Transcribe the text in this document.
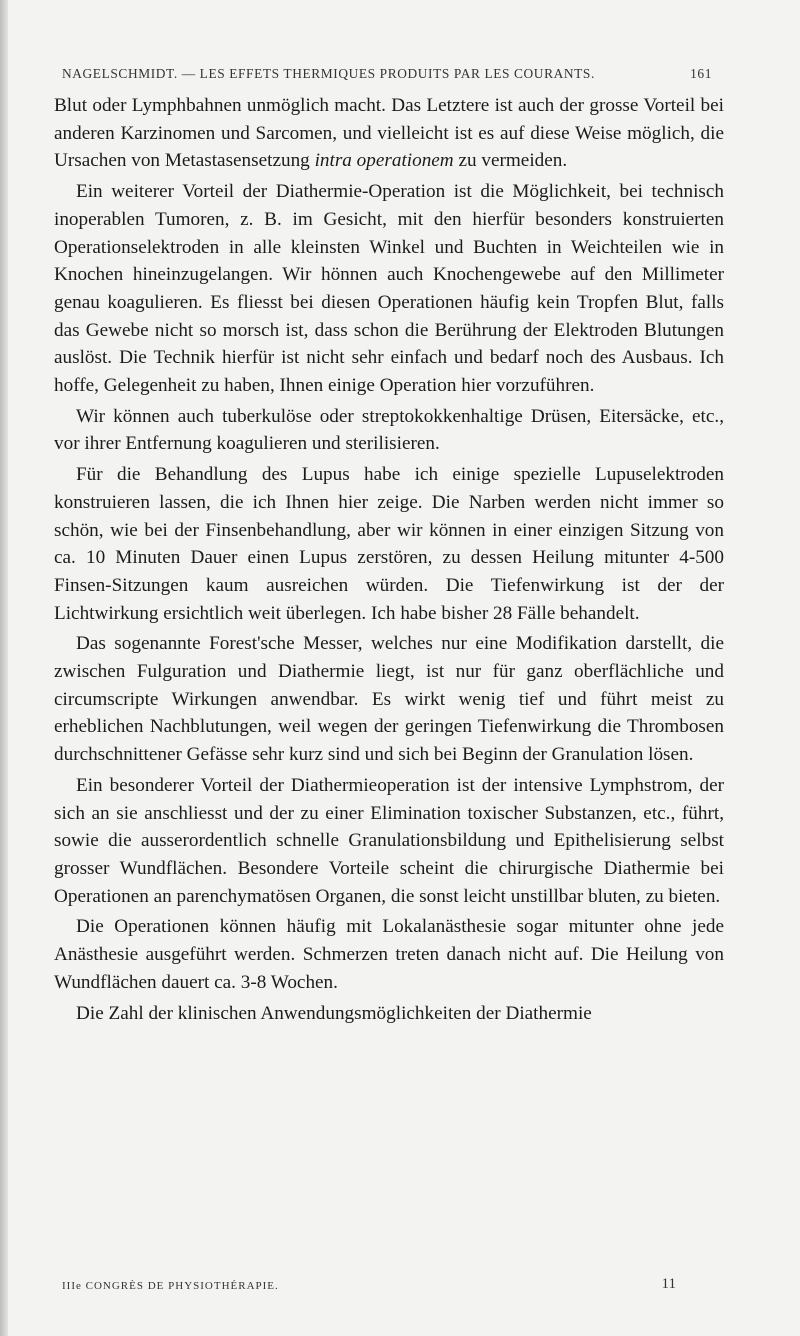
NAGELSCHMIDT. — LES EFFETS THERMIQUES PRODUITS PAR LES COURANTS.	161

Blut oder Lymphbahnen unmöglich macht. Das Letztere ist auch der grosse Vorteil bei anderen Karzinomen und Sarcomen, und vielleicht ist es auf diese Weise möglich, die Ursachen von Metastasensetzung intra operationem zu vermeiden.

Ein weiterer Vorteil der Diathermie-Operation ist die Möglichkeit, bei technisch inoperablen Tumoren, z. B. im Gesicht, mit den hierfür besonders konstruierten Operationselektroden in alle kleinsten Winkel und Buchten in Weichteilen wie in Knochen hineinzugelangen. Wir hönnen auch Knochengewebe auf den Millimeter genau koagulieren. Es fliesst bei diesen Operationen häufig kein Tropfen Blut, falls das Gewebe nicht so morsch ist, dass schon die Berührung der Elektroden Blutungen auslöst. Die Technik hierfür ist nicht sehr einfach und bedarf noch des Ausbaus. Ich hoffe, Gelegenheit zu haben, Ihnen einige Operation hier vorzuführen.

Wir können auch tuberkulöse oder streptokokkenhaltige Drüsen, Eitersäcke, etc., vor ihrer Entfernung koagulieren und sterilisieren.

Für die Behandlung des Lupus habe ich einige spezielle Lupuselektroden konstruieren lassen, die ich Ihnen hier zeige. Die Narben werden nicht immer so schön, wie bei der Finsenbehandlung, aber wir können in einer einzigen Sitzung von ca. 10 Minuten Dauer einen Lupus zerstören, zu dessen Heilung mitunter 4-500 Finsen-Sitzungen kaum ausreichen würden. Die Tiefenwirkung ist der der Lichtwirkung ersichtlich weit überlegen. Ich habe bisher 28 Fälle behandelt.

Das sogenannte Forest'sche Messer, welches nur eine Modifikation darstellt, die zwischen Fulguration und Diathermie liegt, ist nur für ganz oberflächliche und circumscripte Wirkungen anwendbar. Es wirkt wenig tief und führt meist zu erheblichen Nachblutungen, weil wegen der geringen Tiefenwirkung die Thrombosen durchschnittener Gefässe sehr kurz sind und sich bei Beginn der Granulation lösen.

Ein besonderer Vorteil der Diathermieoperation ist der intensive Lymphstrom, der sich an sie anschliesst und der zu einer Elimination toxischer Substanzen, etc., führt, sowie die ausserordentlich schnelle Granulationsbildung und Epithelisierung selbst grosser Wundflächen. Besondere Vorteile scheint die chirurgische Diathermie bei Operationen an parenchymatösen Organen, die sonst leicht unstillbar bluten, zu bieten.

Die Operationen können häufig mit Lokalanästhesie sogar mitunter ohne jede Anästhesie ausgeführt werden. Schmerzen treten danach nicht auf. Die Heilung von Wundflächen dauert ca. 3-8 Wochen.

Die Zahl der klinischen Anwendungsmöglichkeiten der Diathermie

IIIe CONGRÈS DE PHYSIOTHÉRAPIE.	11
